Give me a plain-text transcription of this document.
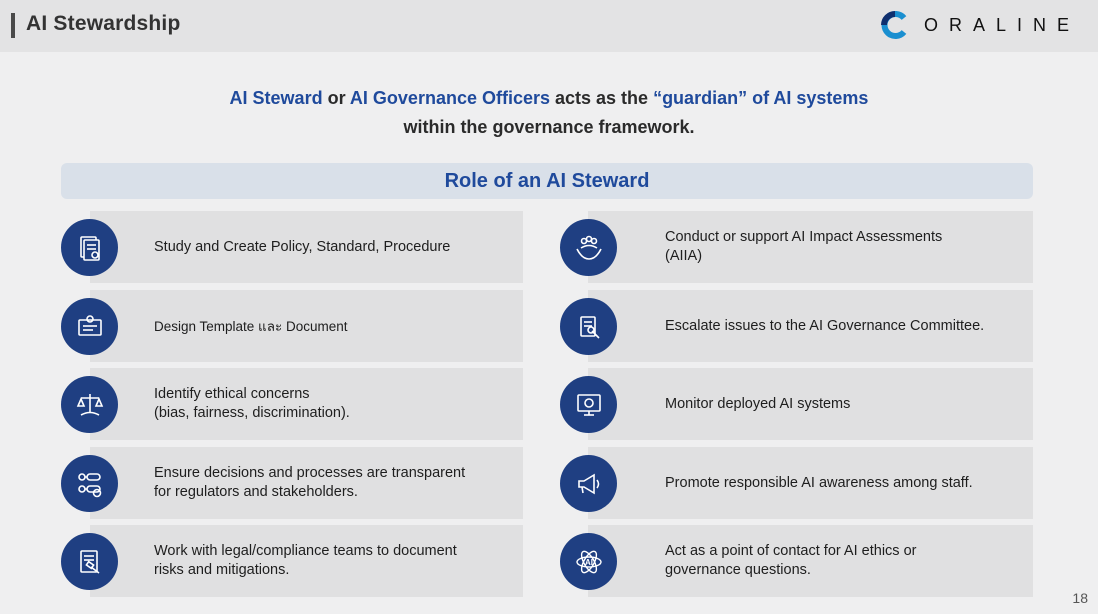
AI Stewardship	ORALINE
AI Steward or AI Governance Officers acts as the “guardian” of AI systems
within the governance framework.
Role of an AI Steward
Study and Create Policy, Standard, Procedure
Design Template และ Document
Identify ethical concerns
(bias, fairness, discrimination).
Ensure decisions and processes are transparent
for regulators and stakeholders.
Work with legal/compliance teams to document
risks and mitigations.
Conduct or support AI Impact Assessments
(AIIA)
Escalate issues to the AI Governance Committee.
Monitor deployed AI systems
Promote responsible AI awareness among staff.
Act as a point of contact for AI ethics or
governance questions.
AI
18
